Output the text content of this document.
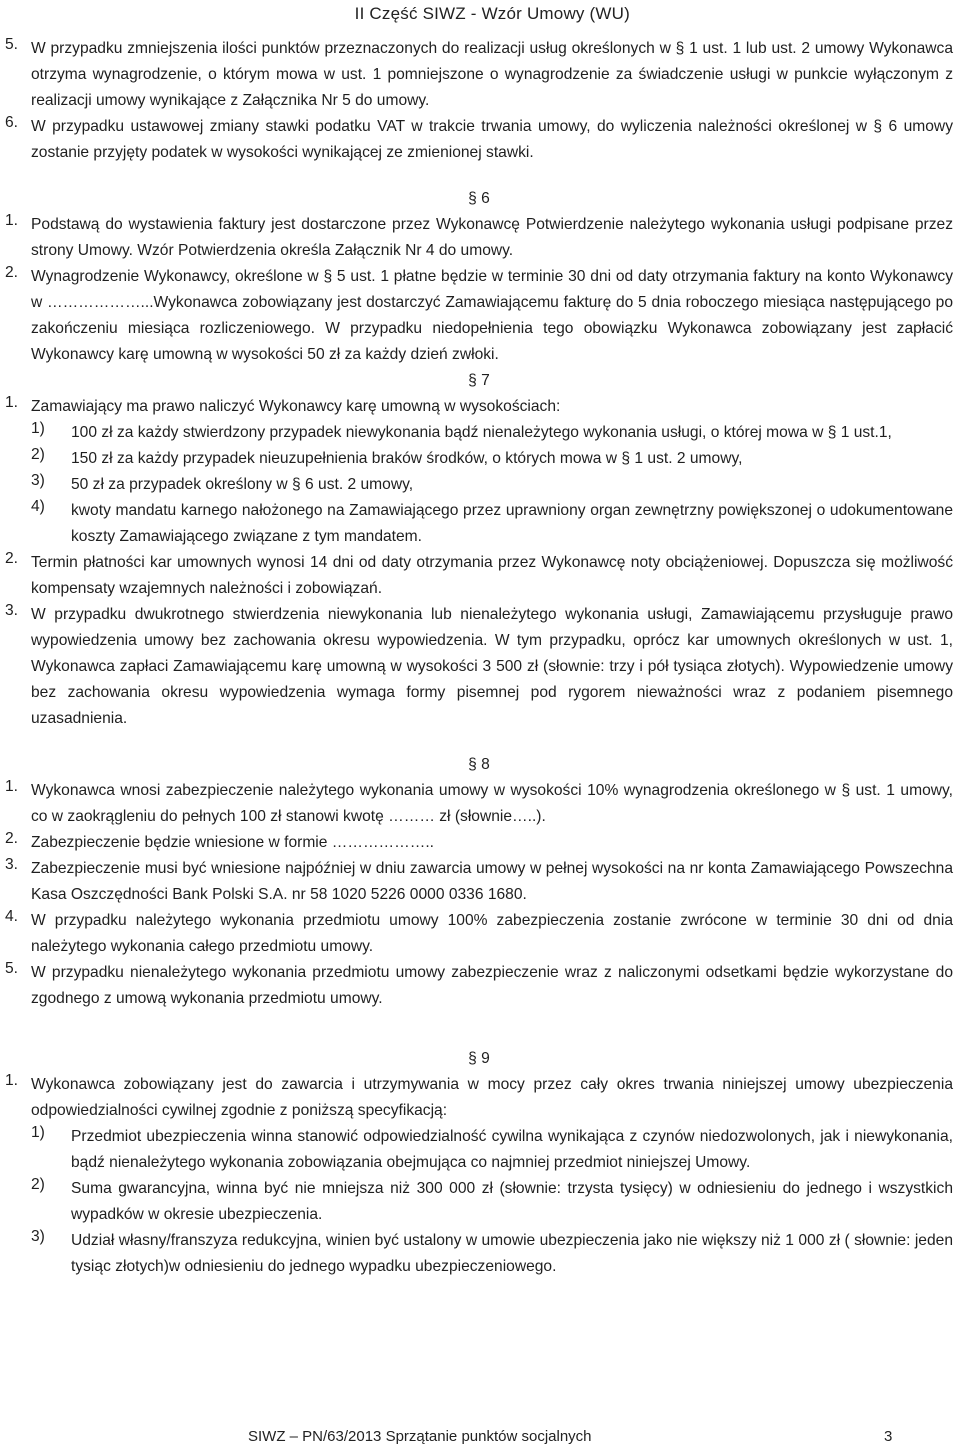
II Część SIWZ - Wzór Umowy (WU)
5. W przypadku zmniejszenia ilości punktów przeznaczonych do realizacji usług określonych w § 1 ust. 1 lub ust. 2 umowy Wykonawca otrzyma wynagrodzenie, o którym mowa w ust. 1 pomniejszone o wynagrodzenie za świadczenie usługi w punkcie wyłączonym z realizacji umowy wynikające z Załącznika Nr 5 do umowy.
6. W przypadku ustawowej zmiany stawki podatku VAT w trakcie trwania umowy, do wyliczenia należności określonej w § 6 umowy zostanie przyjęty podatek w wysokości wynikającej ze zmienionej stawki.
§ 6
1. Podstawą do wystawienia faktury jest dostarczone przez Wykonawcę Potwierdzenie należytego wykonania usługi podpisane przez strony Umowy. Wzór Potwierdzenia określa Załącznik Nr 4 do umowy.
2. Wynagrodzenie Wykonawcy, określone w § 5 ust. 1 płatne będzie w terminie 30 dni od daty otrzymania faktury na konto Wykonawcy w ………………...Wykonawca zobowiązany jest dostarczyć Zamawiającemu fakturę do 5 dnia roboczego miesiąca następującego po zakończeniu miesiąca rozliczeniowego. W przypadku niedopełnienia tego obowiązku Wykonawca zobowiązany jest zapłacić Wykonawcy karę umowną w wysokości 50 zł za każdy dzień zwłoki.
§ 7
1. Zamawiający ma prawo naliczyć Wykonawcy karę umowną w wysokościach:
1)	100 zł za każdy stwierdzony przypadek niewykonania bądź nienależytego wykonania usługi, o której mowa w § 1 ust.1,
2)	150 zł za każdy przypadek nieuzupełnienia braków środków, o których mowa w § 1 ust. 2 umowy,
3)	50 zł za przypadek określony w § 6 ust. 2 umowy,
4)	kwoty mandatu karnego nałożonego na Zamawiającego przez uprawniony organ zewnętrzny powiększonej o udokumentowane koszty Zamawiającego związane z tym mandatem.
2. Termin płatności kar umownych wynosi 14 dni od daty otrzymania przez Wykonawcę noty obciążeniowej. Dopuszcza się możliwość kompensaty wzajemnych należności i zobowiązań.
3. W przypadku dwukrotnego stwierdzenia niewykonania lub nienależytego wykonania usługi, Zamawiającemu przysługuje prawo wypowiedzenia umowy bez zachowania okresu wypowiedzenia. W tym przypadku, oprócz kar umownych określonych w ust. 1, Wykonawca zapłaci Zamawiającemu karę umowną w wysokości 3 500 zł (słownie: trzy i pół tysiąca złotych). Wypowiedzenie umowy bez zachowania okresu wypowiedzenia wymaga formy pisemnej pod rygorem nieważności wraz z podaniem pisemnego uzasadnienia.
§ 8
1. Wykonawca wnosi zabezpieczenie należytego wykonania umowy w wysokości 10% wynagrodzenia określonego w § ust. 1 umowy, co w zaokrągleniu do pełnych 100 zł stanowi kwotę ……… zł (słownie…..).
2. Zabezpieczenie będzie wniesione w formie ………………..
3. Zabezpieczenie musi być wniesione najpóźniej w dniu zawarcia umowy w pełnej wysokości na nr konta Zamawiającego Powszechna Kasa Oszczędności Bank Polski S.A. nr 58 1020 5226 0000 0336 1680.
4. W przypadku należytego wykonania przedmiotu umowy 100% zabezpieczenia zostanie zwrócone w terminie 30 dni od dnia należytego wykonania całego przedmiotu umowy.
5. W przypadku nienależytego wykonania przedmiotu umowy zabezpieczenie wraz z naliczonymi odsetkami będzie wykorzystane do zgodnego z umową wykonania przedmiotu umowy.
§ 9
1. Wykonawca zobowiązany jest do zawarcia i utrzymywania w mocy przez cały okres trwania niniejszej umowy ubezpieczenia odpowiedzialności cywilnej zgodnie z poniższą specyfikacją:
1)	Przedmiot ubezpieczenia winna stanowić odpowiedzialność cywilna wynikająca z czynów niedozwolonych, jak i niewykonania, bądź nienależytego wykonania zobowiązania obejmująca co najmniej przedmiot niniejszej Umowy.
2)	Suma gwarancyjna, winna być nie mniejsza niż 300 000 zł (słownie: trzysta tysięcy) w odniesieniu do jednego i wszystkich wypadków w okresie ubezpieczenia.
3)	Udział własny/franszyza redukcyjna, winien być ustalony w umowie ubezpieczenia jako nie większy niż 1 000 zł ( słownie: jeden tysiąc złotych)w odniesieniu do jednego wypadku ubezpieczeniowego.
SIWZ – PN/63/2013 Sprzątanie punktów socjalnych	3
